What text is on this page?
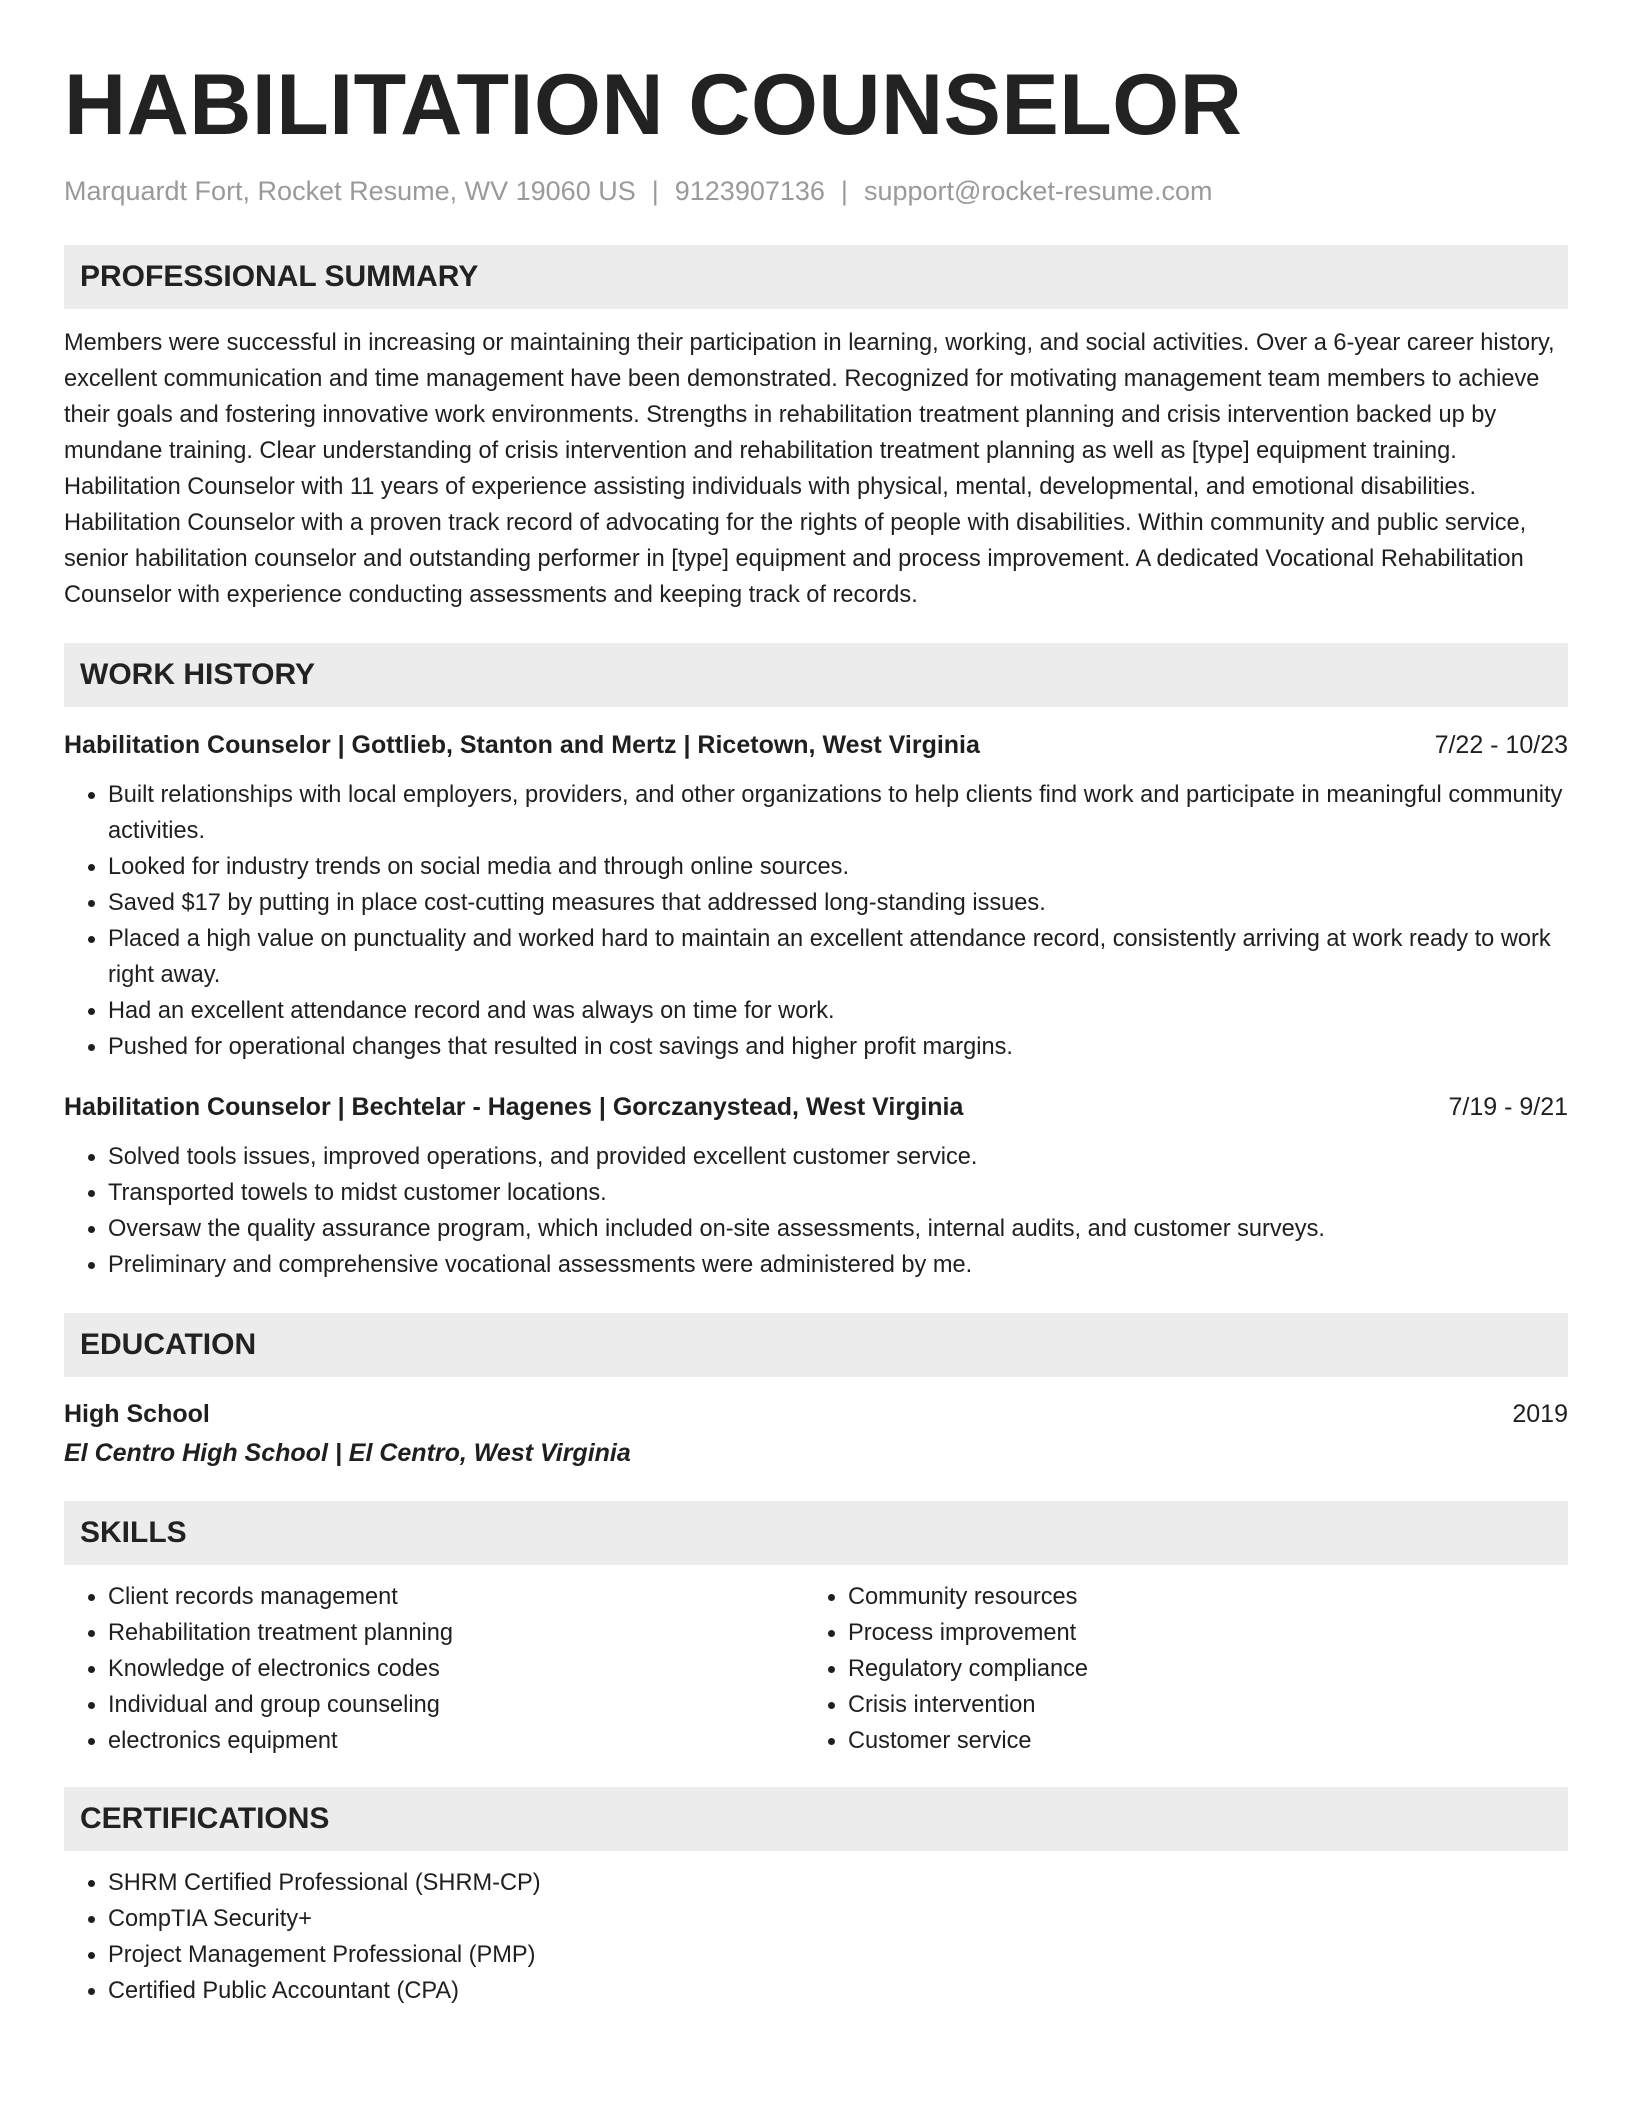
HABILITATION COUNSELOR
Marquardt Fort, Rocket Resume, WV 19060 US | 9123907136 | support@rocket-resume.com
PROFESSIONAL SUMMARY
Members were successful in increasing or maintaining their participation in learning, working, and social activities. Over a 6-year career history, excellent communication and time management have been demonstrated. Recognized for motivating management team members to achieve their goals and fostering innovative work environments. Strengths in rehabilitation treatment planning and crisis intervention backed up by mundane training. Clear understanding of crisis intervention and rehabilitation treatment planning as well as [type] equipment training. Habilitation Counselor with 11 years of experience assisting individuals with physical, mental, developmental, and emotional disabilities. Habilitation Counselor with a proven track record of advocating for the rights of people with disabilities. Within community and public service, senior habilitation counselor and outstanding performer in [type] equipment and process improvement. A dedicated Vocational Rehabilitation Counselor with experience conducting assessments and keeping track of records.
WORK HISTORY
Habilitation Counselor | Gottlieb, Stanton and Mertz | Ricetown, West Virginia	7/22 - 10/23
• Built relationships with local employers, providers, and other organizations to help clients find work and participate in meaningful community activities.
• Looked for industry trends on social media and through online sources.
• Saved $17 by putting in place cost-cutting measures that addressed long-standing issues.
• Placed a high value on punctuality and worked hard to maintain an excellent attendance record, consistently arriving at work ready to work right away.
• Had an excellent attendance record and was always on time for work.
• Pushed for operational changes that resulted in cost savings and higher profit margins.
Habilitation Counselor | Bechtelar - Hagenes | Gorczanystead, West Virginia	7/19 - 9/21
• Solved tools issues, improved operations, and provided excellent customer service.
• Transported towels to midst customer locations.
• Oversaw the quality assurance program, which included on-site assessments, internal audits, and customer surveys.
• Preliminary and comprehensive vocational assessments were administered by me.
EDUCATION
High School	2019
El Centro High School | El Centro, West Virginia
SKILLS
• Client records management
• Rehabilitation treatment planning
• Knowledge of electronics codes
• Individual and group counseling
• electronics equipment
• Community resources
• Process improvement
• Regulatory compliance
• Crisis intervention
• Customer service
CERTIFICATIONS
• SHRM Certified Professional (SHRM-CP)
• CompTIA Security+
• Project Management Professional (PMP)
• Certified Public Accountant (CPA)
